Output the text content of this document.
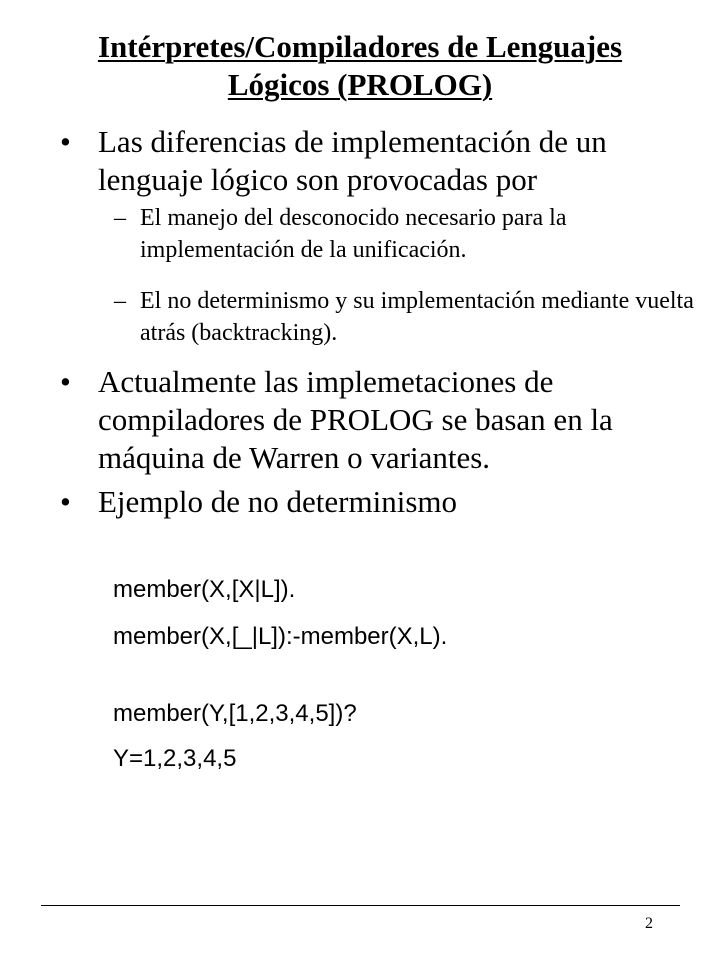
Intérpretes/Compiladores de Lenguajes
Lógicos (PROLOG)
• Las diferencias de implementación de un lenguaje lógico son provocadas por
– El manejo del desconocido necesario para la implementación de la unificación.
– El no determinismo y su implementación mediante vuelta atrás (backtracking).
• Actualmente las implemetaciones de compiladores de PROLOG se basan en la máquina de Warren o variantes.
• Ejemplo de no determinismo
member(X,[X|L]).
member(X,[_|L]):-member(X,L).
member(Y,[1,2,3,4,5])?
Y=1,2,3,4,5
2
